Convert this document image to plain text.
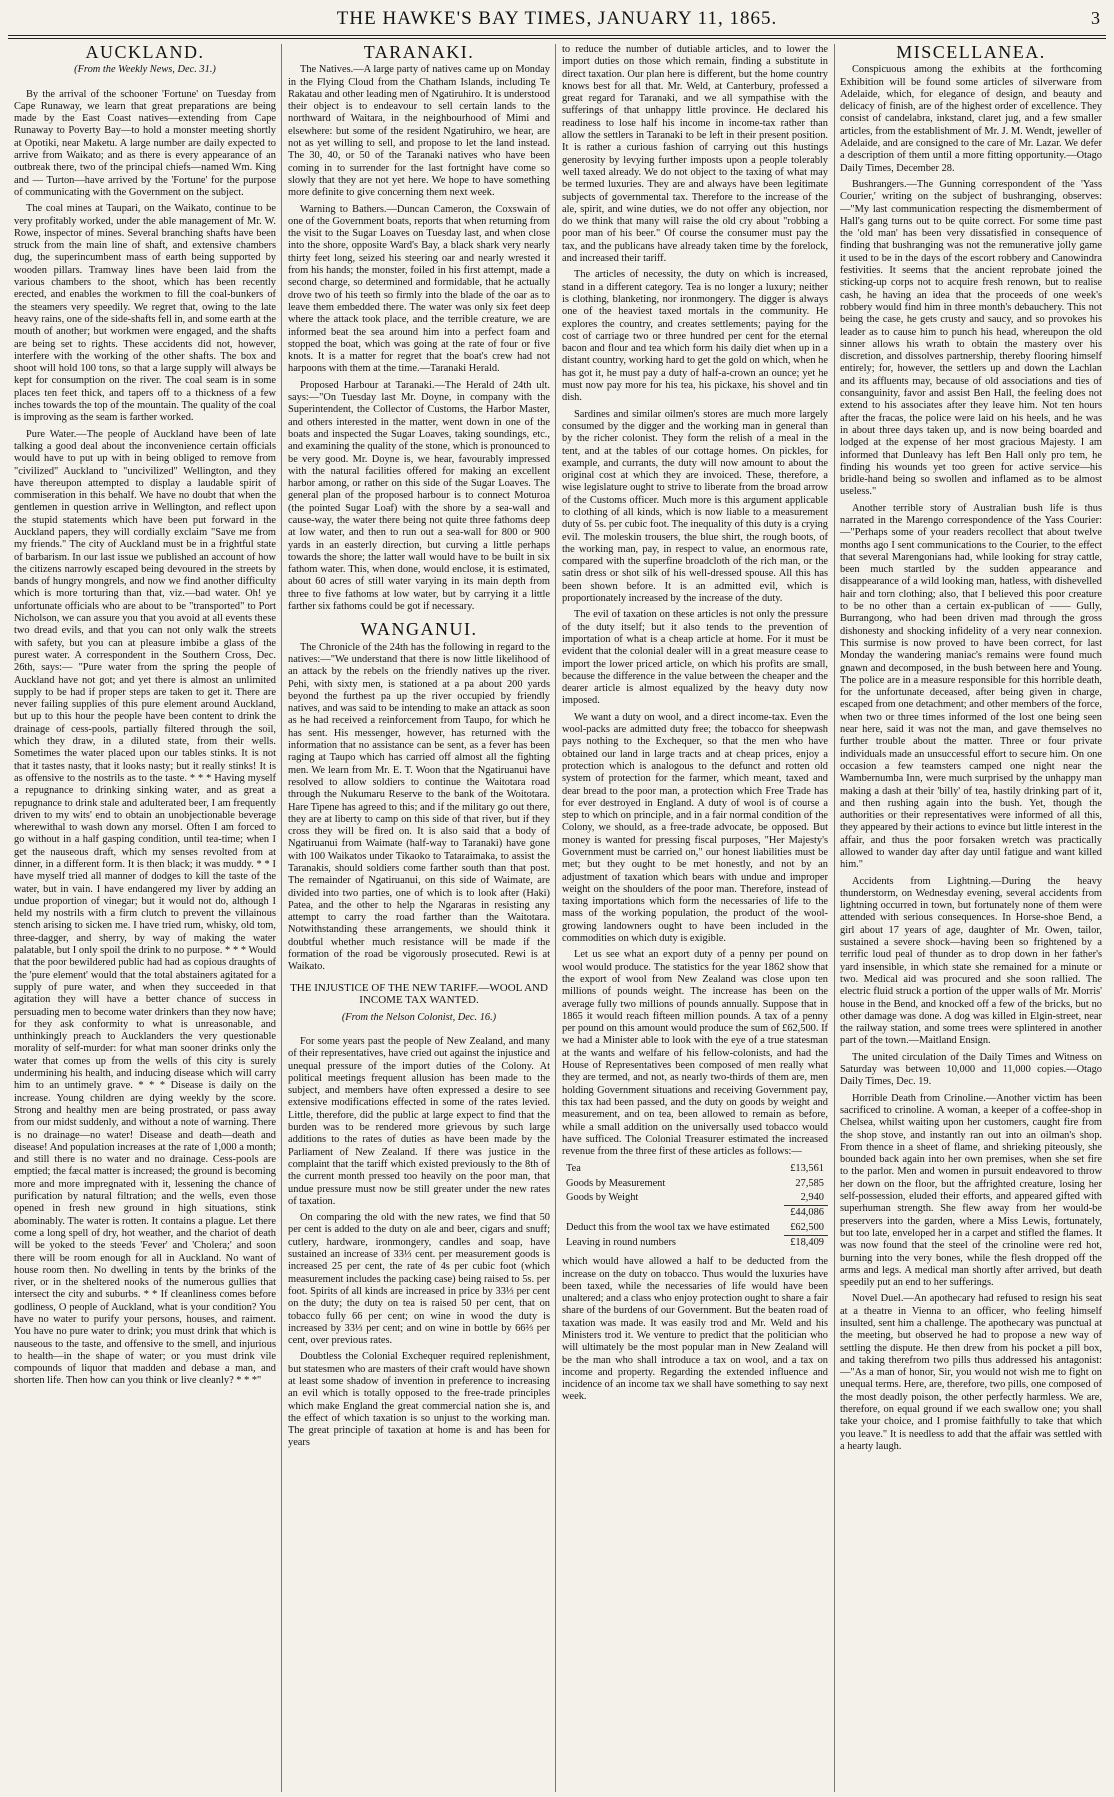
THE HAWKE'S BAY TIMES, JANUARY 11, 1865.	3
AUCKLAND.
(From the Weekly News, Dec. 31.)

By the arrival of the schooner 'Fortune' on Tuesday from Cape Runaway, we learn that great preparations are being made by the East Coast natives—extending from Cape Runaway to Poverty Bay—to hold a monster meeting shortly at Opotiki, near Maketu. A large number are daily expected to arrive from Waikato; and as there is every appearance of an outbreak there, two of the principal chiefs—named Wm. King and — Turton—have arrived by the 'Fortune' for the purpose of communicating with the Government on the subject.

The coal mines at Taupari, on the Waikato, continue to be very profitably worked, under the able management of Mr. W. Rowe, inspector of mines. Several branching shafts have been struck from the main line of shaft, and extensive chambers dug, the superincumbent mass of earth being supported by wooden pillars. Tramway lines have been laid from the various chambers to the shoot, which has been recently erected, and enables the workmen to fill the coal-bunkers of the steamers very speedily. We regret that, owing to the late heavy rains, one of the side-shafts fell in, and some earth at the mouth of another; but workmen were engaged, and the shafts are being set to rights. These accidents did not, however, interfere with the working of the other shafts. The box and shoot will hold 100 tons, so that a large supply will always be kept for consumption on the river. The coal seam is in some places ten feet thick, and tapers off to a thickness of a few inches towards the top of the mountain. The quality of the coal is improving as the seam is farther worked.

Pure Water.—The people of Auckland have been of late talking a good deal about the inconvenience certain officials would have to put up with in being obliged to remove from "civilized" Auckland to "uncivilized" Wellington, and they have thereupon attempted to display a laudable spirit of commiseration in this behalf. We have no doubt that when the gentlemen in question arrive in Wellington, and reflect upon the stupid statements which have been put forward in the Auckland papers, they will cordially exclaim "Save me from my friends." The city of Auckland must be in a frightful state of barbarism. In our last issue we published an account of how the citizens narrowly escaped being devoured in the streets by bands of hungry mongrels, and now we find another difficulty which is more torturing than that, viz.—bad water. Oh! ye unfortunate officials who are about to be "transported" to Port Nicholson, we can assure you that you avoid at all events these two dread evils, and that you can not only walk the streets with safety, but you can at pleasure imbibe a glass of the purest water. A correspondent in the Southern Cross, Dec. 26th, says:— "Pure water from the spring the people of Auckland have not got; and yet there is almost an unlimited supply to be had if proper steps are taken to get it. There are never failing supplies of this pure element around Auckland, but up to this hour the people have been content to drink the drainage of cess-pools, partially filtered through the soil, which they draw, in a diluted state, from their wells. Sometimes the water placed upon our tables stinks. It is not that it tastes nasty, that it looks nasty; but it really stinks! It is as offensive to the nostrils as to the taste. * * * Having myself a repugnance to drinking sinking water, and as great a repugnance to drink stale and adulterated beer, I am frequently driven to my wits' end to obtain an unobjectionable beverage wherewithal to wash down any morsel. Often I am forced to go without in a half gasping condition, until tea-time; when I get the nauseous draft, which my senses revolted from at dinner, in a different form. It is then black; it was muddy. * * I have myself tried all manner of dodges to kill the taste of the water, but in vain. I have endangered my liver by adding an undue proportion of vinegar; but it would not do, although I held my nostrils with a firm clutch to prevent the villainous stench arising to sicken me. I have tried rum, whisky, old tom, three-dagger, and sherry, by way of making the water palatable, but I only spoil the drink to no purpose. * * * Would that the poor bewildered public had had as copious draughts of the 'pure element' would that the total abstainers agitated for a supply of pure water, and when they succeeded in that agitation they will have a better chance of success in persuading men to become water drinkers than they now have; for they ask conformity to what is unreasonable, and unthinkingly preach to Aucklanders the very questionable morality of self-murder: for what man sooner drinks only the water that comes up from the wells of this city is surely undermining his health, and inducing disease which will carry him to an untimely grave. * * * Disease is daily on the increase. Young children are dying weekly by the score. Strong and healthy men are being prostrated, or pass away from our midst suddenly, and without a note of warning. There is no drainage—no water! Disease and death—death and disease! And population increases at the rate of 1,000 a month; and still there is no water and no drainage. Cess-pools are emptied; the fæcal matter is increased; the ground is becoming more and more impregnated with it, lessening the chance of purification by natural filtration; and the wells, even those opened in fresh new ground in high situations, stink abominably. The water is rotten. It contains a plague. Let there come a long spell of dry, hot weather, and the chariot of death will be yoked to the steeds 'Fever' and 'Cholera;' and soon there will be room enough for all in Auckland. No want of house room then. No dwelling in tents by the brinks of the river, or in the sheltered nooks of the numerous gullies that intersect the city and suburbs. * * If cleanliness comes before godliness, O people of Auckland, what is your condition? You have no water to purify your persons, houses, and raiment. You have no pure water to drink; you must drink that which is nauseous to the taste, and offensive to the smell, and injurious to health—in the shape of water; or you must drink vile compounds of liquor that madden and debase a man, and shorten life. Then how can you think or live cleanly? * * *"

TARANAKI.

The Natives.—A large party of natives came up on Monday in the Flying Cloud from the Chatham Islands, including Te Rakatau and other leading men of Ngatiruhiro. It is understood their object is to endeavour to sell certain lands to the northward of Waitara, in the neighbourhood of Mimi and elsewhere: but some of the resident Ngatiruhiro, we hear, are not as yet willing to sell, and propose to let the land instead. The 30, 40, or 50 of the Taranaki natives who have been coming in to surrender for the last fortnight have come so slowly that they are not yet here. We hope to have something more definite to give concerning them next week.

Warning to Bathers.—Duncan Cameron, the Coxswain of one of the Government boats, reports that when returning from the visit to the Sugar Loaves on Tuesday last, and when close into the shore, opposite Ward's Bay, a black shark very nearly thirty feet long, seized his steering oar and nearly wrested it from his hands; the monster, foiled in his first attempt, made a second charge, so determined and formidable, that he actually drove two of his teeth so firmly into the blade of the oar as to leave them embedded there. The water was only six feet deep where the attack took place, and the terrible creature, we are informed beat the sea around him into a perfect foam and stopped the boat, which was going at the rate of four or five knots. It is a matter for regret that the boat's crew had not harpoons with them at the time.—Taranaki Herald.

Proposed Harbour at Taranaki.—The Herald of 24th ult. says:—"On Tuesday last Mr. Doyne, in company with the Superintendent, the Collector of Customs, the Harbor Master, and others interested in the matter, went down in one of the boats and inspected the Sugar Loaves, taking soundings, etc., and examining the quality of the stone, which is pronounced to be very good. Mr. Doyne is, we hear, favourably impressed with the natural facilities offered for making an excellent harbor among, or rather on this side of the Sugar Loaves. The general plan of the proposed harbour is to connect Moturoa (the pointed Sugar Loaf) with the shore by a sea-wall and cause-way, the water there being not quite three fathoms deep at low water, and then to run out a sea-wall for 800 or 900 yards in an easterly direction, but curving a little perhaps towards the shore; the latter wall would have to be built in six fathom water. This, when done, would enclose, it is estimated, about 60 acres of still water varying in its main depth from three to five fathoms at low water, but by carrying it a little farther six fathoms could be got if necessary.

WANGANUI.

The Chronicle of the 24th has the following in regard to the natives:—"We understand that there is now little likelihood of an attack by the rebels on the friendly natives up the river. Pehi, with sixty men, is stationed at a pa about 200 yards beyond the furthest pa up the river occupied by friendly natives, and was said to be intending to make an attack as soon as he had received a reinforcement from Taupo, for which he has sent. His messenger, however, has returned with the information that no assistance can be sent, as a fever has been raging at Taupo which has carried off almost all the fighting men. We learn from Mr. E. T. Woon that the Ngatiruanui have resolved to allow soldiers to continue the Waitotara road through the Nukumaru Reserve to the bank of the Woitotara. Hare Tipene has agreed to this; and if the military go out there, they are at liberty to camp on this side of that river, but if they cross they will be fired on. It is also said that a body of Ngatiruanui from Waimate (half-way to Taranaki) have gone with 100 Waikatos under Tikaoko to Tataraimaka, to assist the Taranakis, should soldiers come farther south than that post. The remainder of Ngatiruanui, on this side of Waimate, are divided into two parties, one of which is to look after (Haki) Patea, and the other to help the Ngararas in resisting any attempt to carry the road farther than the Waitotara. Notwithstanding these arrangements, we should think it doubtful whether much resistance will be made if the formation of the road be vigorously prosecuted. Rewi is at Waikato.

THE INJUSTICE OF THE NEW TARIFF.—WOOL AND INCOME TAX WANTED.
(From the Nelson Colonist, Dec. 16.)

For some years past the people of New Zealand, and many of their representatives, have cried out against the injustice and unequal pressure of the import duties of the Colony. At political meetings frequent allusion has been made to the subject, and members have often expressed a desire to see extensive modifications effected in some of the rates levied. Little, therefore, did the public at large expect to find that the burden was to be rendered more grievous by such large additions to the rates of duties as have been made by the Parliament of New Zealand. If there was justice in the complaint that the tariff which existed previously to the 8th of the current month pressed too heavily on the poor man, that undue pressure must now be still greater under the new rates of taxation.

On comparing the old with the new rates, we find that 50 per cent is added to the duty on ale and beer, cigars and snuff; cutlery, hardware, ironmongery, candles and soap, have sustained an increase of 33⅓ cent. per measurement goods is increased 25 per cent, the rate of 4s per cubic foot (which measurement includes the packing case) being raised to 5s. per foot. Spirits of all kinds are increased in price by 33⅓ per cent on the duty; the duty on tea is raised 50 per cent, that on tobacco fully 66 per cent; on wine in wood the duty is increased by 33⅓ per cent; and on wine in bottle by 66⅔ per cent, over previous rates.

Doubtless the Colonial Exchequer required replenishment, but statesmen who are masters of their craft would have shown at least some shadow of invention in preference to increasing an evil which is totally opposed to the free-trade principles which make England the great commercial nation she is, and the effect of which taxation is so unjust to the working man. The great principle of taxation at home is and has been for years

to reduce the number of dutiable articles, and to lower the import duties on those which remain, finding a substitute in direct taxation. Our plan here is different, but the home country knows best for all that. Mr. Weld, at Canterbury, professed a great regard for Taranaki, and we all sympathise with the sufferings of that unhappy little province. He declared his readiness to lose half his income in income-tax rather than allow the settlers in Taranaki to be left in their present position. It is rather a curious fashion of carrying out this hustings generosity by levying further imposts upon a people tolerably well taxed already. We do not object to the taxing of what may be termed luxuries. They are and always have been legitimate subjects of governmental tax. Therefore to the increase of the ale, spirit, and wine duties, we do not offer any objection, nor do we think that many will raise the old cry about "robbing a poor man of his beer." Of course the consumer must pay the tax, and the publicans have already taken time by the forelock, and increased their tariff.

The articles of necessity, the duty on which is increased, stand in a different category. Tea is no longer a luxury; neither is clothing, blanketing, nor ironmongery. The digger is always one of the heaviest taxed mortals in the community. He explores the country, and creates settlements; paying for the cost of carriage two or three hundred per cent for the eternal bacon and flour and tea which form his daily diet when up in a distant country, working hard to get the gold on which, when he has got it, he must pay a duty of half-a-crown an ounce; yet he must now pay more for his tea, his pickaxe, his shovel and tin dish.

Sardines and similar oilmen's stores are much more largely consumed by the digger and the working man in general than by the richer colonist. They form the relish of a meal in the tent, and at the tables of our cottage homes. On pickles, for example, and currants, the duty will now amount to about the original cost at which they are invoiced. These, therefore, a wise legislature ought to strive to liberate from the broad arrow of the Customs officer. Much more is this argument applicable to clothing of all kinds, which is now liable to a measurement duty of 5s. per cubic foot. The inequality of this duty is a crying evil. The moleskin trousers, the blue shirt, the rough boots, of the working man, pay, in respect to value, an enormous rate, compared with the superfine broadcloth of the rich man, or the satin dress or shot silk of his well-dressed spouse. All this has been shown before. It is an admitted evil, which is proportionately increased by the increase of the duty.

The evil of taxation on these articles is not only the pressure of the duty itself; but it also tends to the prevention of importation of what is a cheap article at home. For it must be evident that the colonial dealer will in a great measure cease to import the lower priced article, on which his profits are small, because the difference in the value between the cheaper and the dearer article is almost equalized by the heavy duty now imposed.

We want a duty on wool, and a direct income-tax. Even the wool-packs are admitted duty free; the tobacco for sheepwash pays nothing to the Exchequer, so that the men who have obtained our land in large tracts and at cheap prices, enjoy a protection which is analogous to the defunct and rotten old system of protection for the farmer, which meant, taxed and dear bread to the poor man, a protection which Free Trade has for ever destroyed in England. A duty of wool is of course a step to which on principle, and in a fair normal condition of the Colony, we should, as a free-trade advocate, be opposed. But money is wanted for pressing fiscal purposes, "Her Majesty's Government must be carried on," our honest liabilities must be met; but they ought to be met honestly, and not by an adjustment of taxation which bears with undue and improper weight on the shoulders of the poor man. Therefore, instead of taxing importations which form the necessaries of life to the mass of the working population, the product of the wool-growing landowners ought to have been included in the commodities on which duty is exigible.

Let us see what an export duty of a penny per pound on wool would produce. The statistics for the year 1862 show that the export of wool from New Zealand was close upon ten millions of pounds weight. The increase has been on the average fully two millions of pounds annually. Suppose that in 1865 it would reach fifteen million pounds. A tax of a penny per pound on this amount would produce the sum of £62,500. If we had a Minister able to look with the eye of a true statesman at the wants and welfare of his fellow-colonists, and had the House of Representatives been composed of men really what they are termed, and not, as nearly two-thirds of them are, men holding Government situations and receiving Government pay, this tax had been passed, and the duty on goods by weight and measurement, and on tea, been allowed to remain as before, while a small addition on the universally used tobacco would have sufficed. The Colonial Treasurer estimated the increased revenue from the three first of these articles as follows:—

Tea	£13,561
Goods by Measurement	27,585
Goods by Weight	2,940
	£44,086
Deduct this from the wool tax we have estimated	£62,500
Leaving in round numbers	£18,409

which would have allowed a half to be deducted from the increase on the duty on tobacco. Thus would the luxuries have been taxed, while the necessaries of life would have been unaltered; and a class who enjoy protection ought to share a fair share of the burdens of our Government. But the beaten road of taxation was made. It was easily trod and Mr. Weld and his Ministers trod it. We venture to predict that the politician who will ultimately be the most popular man in New Zealand will be the man who shall introduce a tax on wool, and a tax on income and property. Regarding the extended influence and incidence of an income tax we shall have something to say next week.

MISCELLANEA.

Conspicuous among the exhibits at the forthcoming Exhibition will be found some articles of silverware from Adelaide, which, for elegance of design, and beauty and delicacy of finish, are of the highest order of excellence. They consist of candelabra, inkstand, claret jug, and a few smaller articles, from the establishment of Mr. J. M. Wendt, jeweller of Adelaide, and are consigned to the care of Mr. Lazar. We defer a description of them until a more fitting opportunity.—Otago Daily Times, December 28.

Bushrangers.—The Gunning correspondent of the 'Yass Courier,' writing on the subject of bushranging, observes:—"My last communication respecting the dismemberment of Hall's gang turns out to be quite correct. For some time past the 'old man' has been very dissatisfied in consequence of finding that bushranging was not the remunerative jolly game it used to be in the days of the escort robbery and Canowindra festivities. It seems that the ancient reprobate joined the sticking-up corps not to acquire fresh renown, but to realise cash, he having an idea that the proceeds of one week's robbery would find him in three month's debauchery. This not being the case, he gets crusty and saucy, and so provokes his leader as to cause him to punch his head, whereupon the old sinner allows his wrath to obtain the mastery over his discretion, and dissolves partnership, thereby flooring himself entirely; for, however, the settlers up and down the Lachlan and its affluents may, because of old associations and ties of consanguinity, favor and assist Ben Hall, the feeling does not extend to his associates after they leave him. Not ten hours after the fracas, the police were laid on his heels, and he was in about three days taken up, and is now being boarded and lodged at the expense of her most gracious Majesty. I am informed that Dunleavy has left Ben Hall only pro tem, he finding his wounds yet too green for active service—his bridle-hand being so swollen and inflamed as to be almost useless."

Another terrible story of Australian bush life is thus narrated in the Marengo correspondence of the Yass Courier:—"Perhaps some of your readers recollect that about twelve months ago I sent communications to the Courier, to the effect that several Marengonians had, while looking for stray cattle, been much startled by the sudden appearance and disappearance of a wild looking man, hatless, with dishevelled hair and torn clothing; also, that I believed this poor creature to be no other than a certain ex-publican of —— Gully, Burrangong, who had been driven mad through the gross dishonesty and shocking infidelity of a very near connexion. This surmise is now proved to have been correct, for last Monday the wandering maniac's remains were found much gnawn and decomposed, in the bush between here and Young. The police are in a measure responsible for this horrible death, for the unfortunate deceased, after being given in charge, escaped from one detachment; and other members of the force, when two or three times informed of the lost one being seen near here, said it was not the man, and gave themselves no further trouble about the matter. Three or four private individuals made an unsuccessful effort to secure him. On one occasion a few teamsters camped one night near the Wambernumba Inn, were much surprised by the unhappy man making a dash at their 'billy' of tea, hastily drinking part of it, and then rushing again into the bush. Yet, though the authorities or their representatives were informed of all this, they appeared by their actions to evince but little interest in the affair, and thus the poor forsaken wretch was practically allowed to wander day after day until fatigue and want killed him."

Accidents from Lightning.—During the heavy thunderstorm, on Wednesday evening, several accidents from lightning occurred in town, but fortunately none of them were attended with serious consequences. In Horse-shoe Bend, a girl about 17 years of age, daughter of Mr. Owen, tailor, sustained a severe shock—having been so frightened by a terrific loud peal of thunder as to drop down in her father's yard insensible, in which state she remained for a minute or two. Medical aid was procured and she soon rallied. The electric fluid struck a portion of the upper walls of Mr. Morris' house in the Bend, and knocked off a few of the bricks, but no other damage was done. A dog was killed in Elgin-street, near the railway station, and some trees were splintered in another part of the town.—Maitland Ensign.

The united circulation of the Daily Times and Witness on Saturday was between 10,000 and 11,000 copies.—Otago Daily Times, Dec. 19.

Horrible Death from Crinoline.—Another victim has been sacrificed to crinoline. A woman, a keeper of a coffee-shop in Chelsea, whilst waiting upon her customers, caught fire from the shop stove, and instantly ran out into an oilman's shop. From thence in a sheet of flame, and shrieking piteously, she bounded back again into her own premises, when she set fire to the parlor. Men and women in pursuit endeavored to throw her down on the floor, but the affrighted creature, losing her self-possession, eluded their efforts, and appeared gifted with superhuman strength. She flew away from her would-be preservers into the garden, where a Miss Lewis, fortunately, but too late, enveloped her in a carpet and stifled the flames. It was now found that the steel of the crinoline were red hot, burning into the very bones, while the flesh dropped off the arms and legs. A medical man shortly after arrived, but death speedily put an end to her sufferings.

Novel Duel.—An apothecary had refused to resign his seat at a theatre in Vienna to an officer, who feeling himself insulted, sent him a challenge. The apothecary was punctual at the meeting, but observed he had to propose a new way of settling the dispute. He then drew from his pocket a pill box, and taking therefrom two pills thus addressed his antagonist:—"As a man of honor, Sir, you would not wish me to fight on unequal terms. Here, are, therefore, two pills, one composed of the most deadly poison, the other perfectly harmless. We are, therefore, on equal ground if we each swallow one; you shall take your choice, and I promise faithfully to take that which you leave." It is needless to add that the affair was settled with a hearty laugh.
